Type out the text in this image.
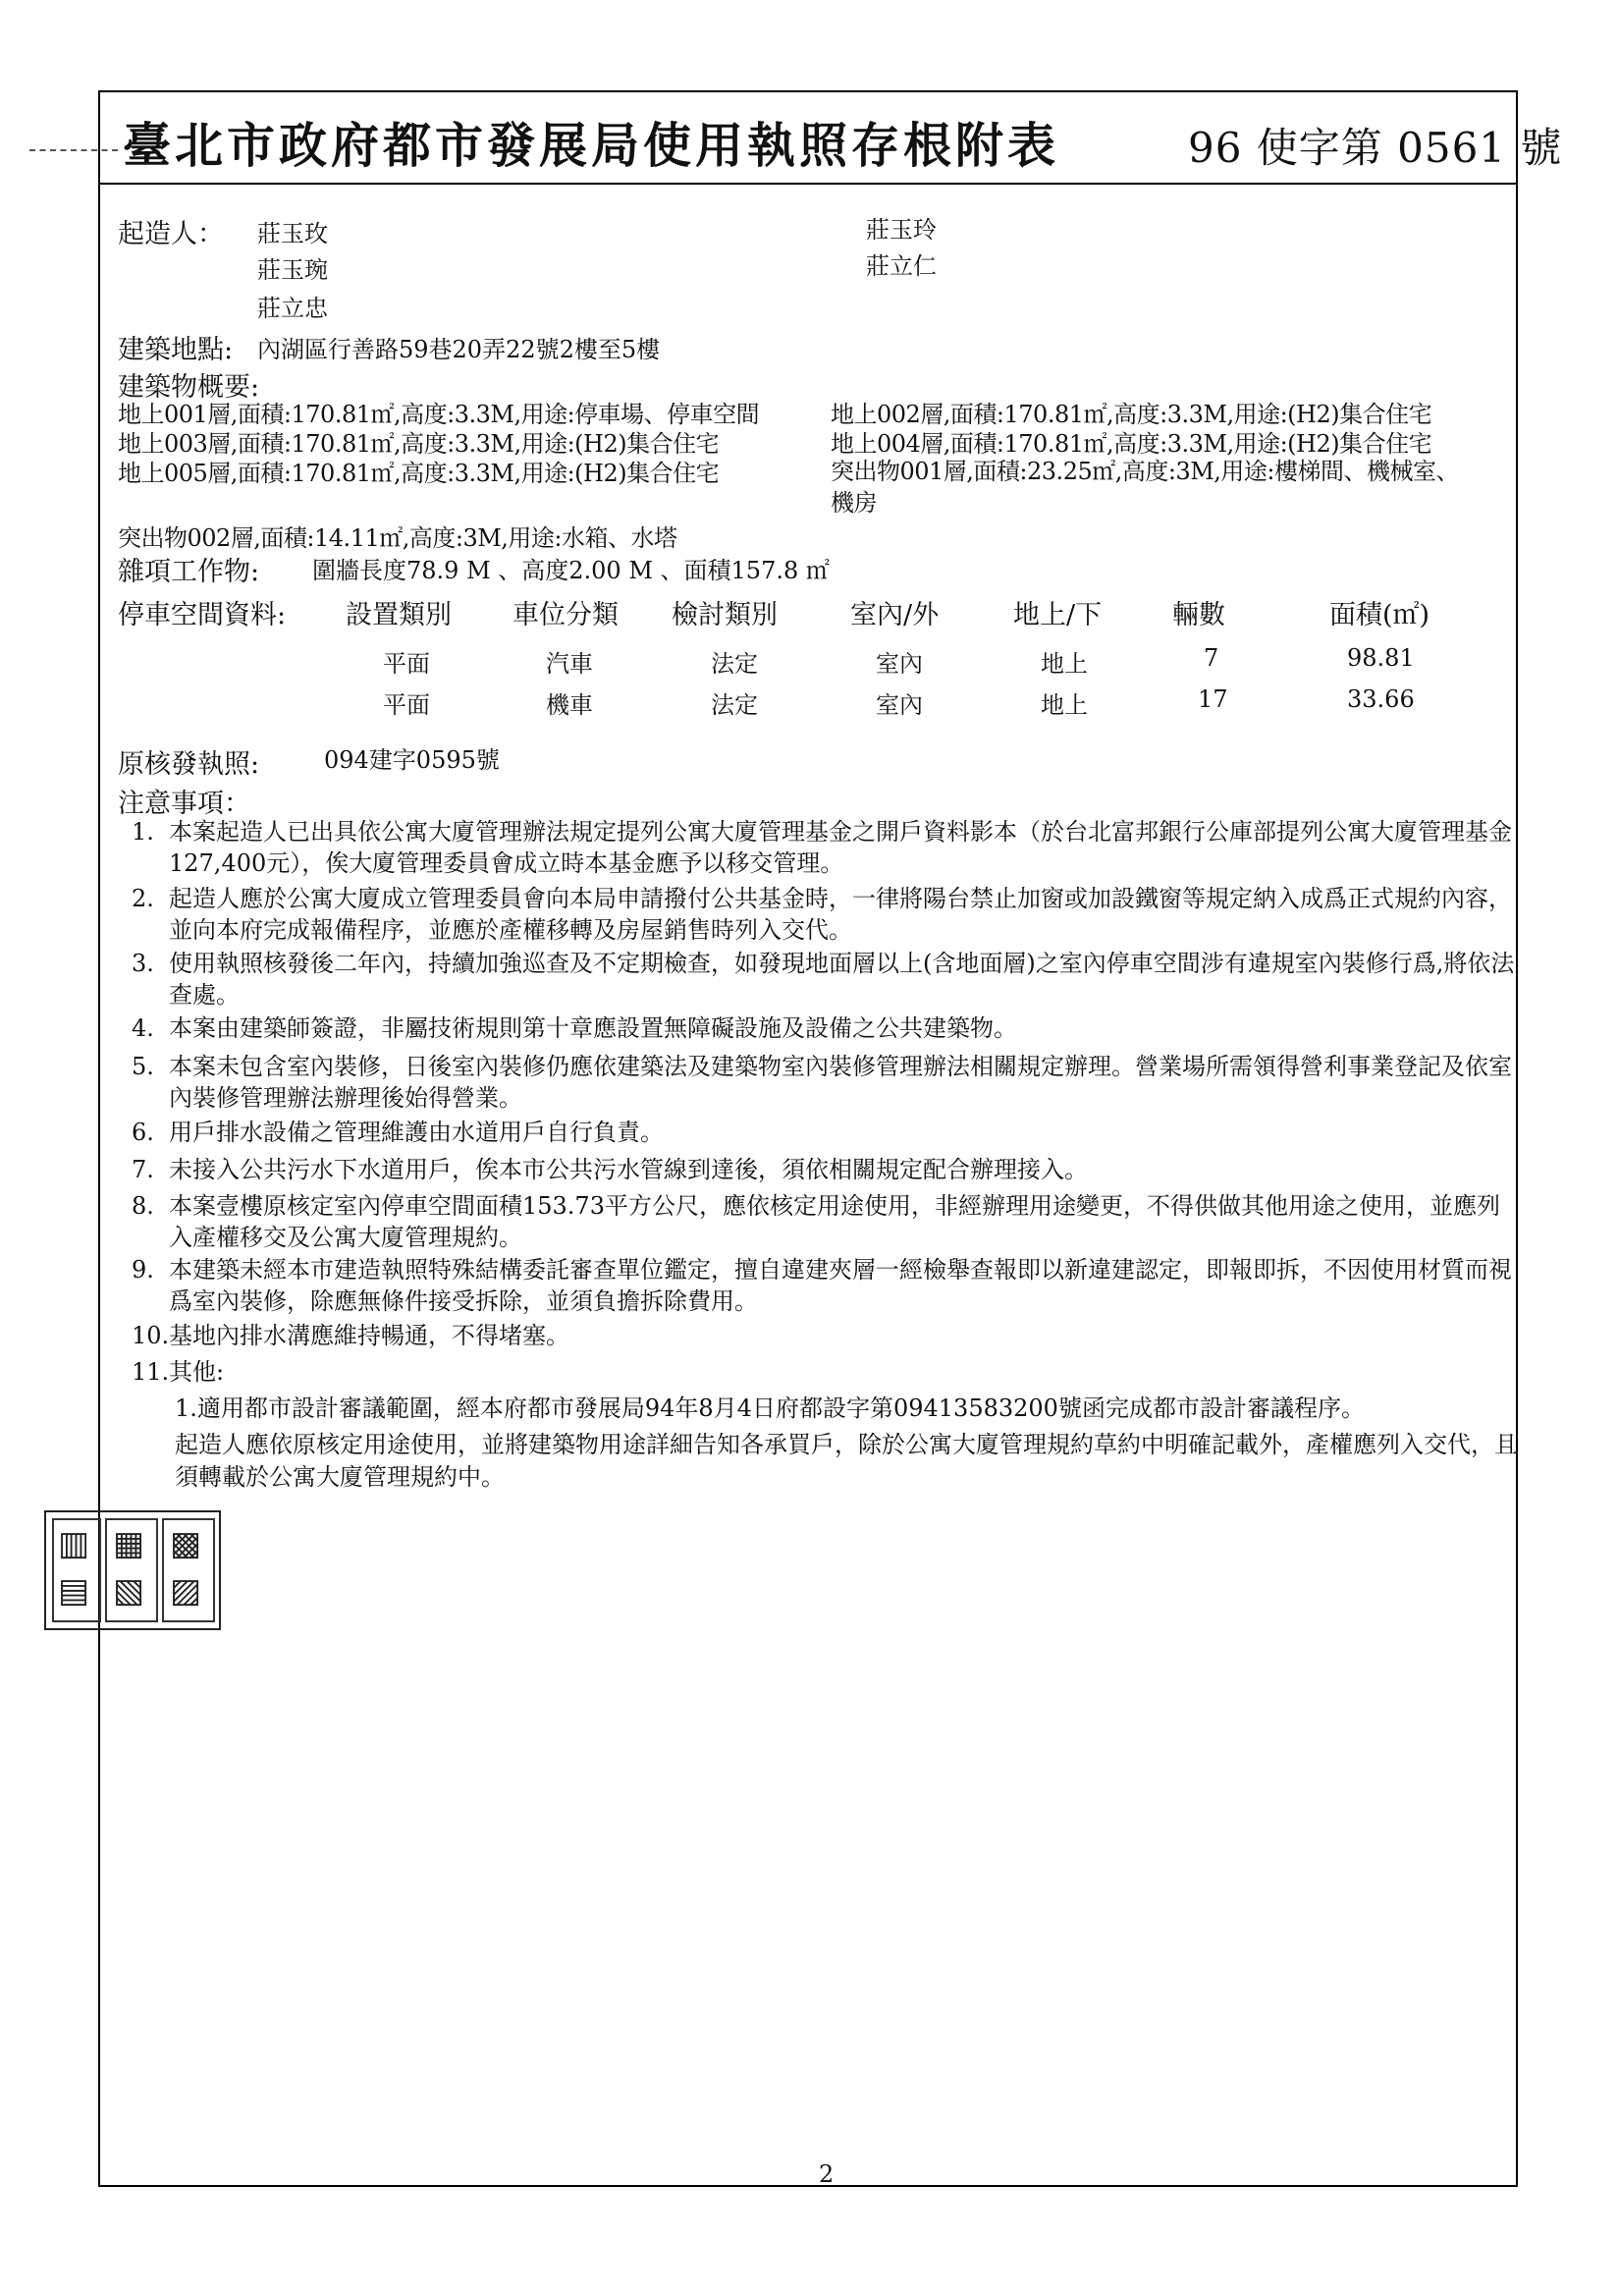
臺北市政府都市發展局使用執照存根附表	96 使字第 0561 號
起造人： 莊玉玫	莊玉玲
莊玉琬	莊立仁
莊立忠
建築地點: 內湖區行善路59巷20弄22號2樓至5樓
建築物概要:
地上001層,面積:170.81㎡,高度:3.3M,用途:停車場、停車空間	地上002層,面積:170.81㎡,高度:3.3M,用途:(H2)集合住宅
地上003層,面積:170.81㎡,高度:3.3M,用途:(H2)集合住宅	地上004層,面積:170.81㎡,高度:3.3M,用途:(H2)集合住宅
地上005層,面積:170.81㎡,高度:3.3M,用途:(H2)集合住宅	突出物001層,面積:23.25㎡,高度:3M,用途:樓梯間、機械室、
機房
突出物002層,面積:14.11㎡,高度:3M,用途:水箱、水塔
雜項工作物: 圍牆長度78.9 M 、高度2.00 M 、面積157.8 ㎡
停車空間資料: 設置類別 車位分類 檢討類別	室內/外	地上/下	輛數	面積(㎡)
平面	汽車	法定	室內	地上	7	98.81
平面	機車	法定	室內	地上	17	33.66
原核發執照:	094建字0595號
注意事項：
1. 本案起造人已出具依公寓大廈管理辦法規定提列公寓大廈管理基金之開戶資料影本（於台北富邦銀行公庫部提列公寓大廈管理基金127,400元），俟大廈管理委員會成立時本基金應予以移交管理。
2. 起造人應於公寓大廈成立管理委員會向本局申請撥付公共基金時，一律將陽台禁止加窗或加設鐵窗等規定納入成爲正式規約內容，並向本府完成報備程序，並應於產權移轉及房屋銷售時列入交代。
3. 使用執照核發後二年內，持續加強巡查及不定期檢查，如發現地面層以上(含地面層)之室內停車空間涉有違規室內裝修行爲,將依法查處。
4. 本案由建築師簽證，非屬技術規則第十章應設置無障礙設施及設備之公共建築物。
5. 本案未包含室內裝修，日後室內裝修仍應依建築法及建築物室內裝修管理辦法相關規定辦理。營業場所需領得營利事業登記及依室內裝修管理辦法辦理後始得營業。
6. 用戶排水設備之管理維護由水道用戶自行負責。
7. 未接入公共污水下水道用戶，俟本市公共污水管線到達後，須依相關規定配合辦理接入。
8. 本案壹樓原核定室內停車空間面積153.73平方公尺，應依核定用途使用，非經辦理用途變更，不得供做其他用途之使用，並應列入產權移交及公寓大廈管理規約。
9. 本建築未經本市建造執照特殊結構委託審查單位鑑定，擅自違建夾層一經檢舉查報即以新違建認定，即報即拆，不因使用材質而視爲室內裝修，除應無條件接受拆除，並須負擔拆除費用。
10. 基地內排水溝應維持暢通，不得堵塞。
11. 其他:
1.適用都市設計審議範圍，經本府都市發展局94年8月4日府都設字第09413583200號函完成都市設計審議程序。
起造人應依原核定用途使用，並將建築物用途詳細告知各承買戶，除於公寓大廈管理規約草約中明確記載外，產權應列入交代，且須轉載於公寓大廈管理規約中。
▥
▤
▦
▧
▩
▨
2
